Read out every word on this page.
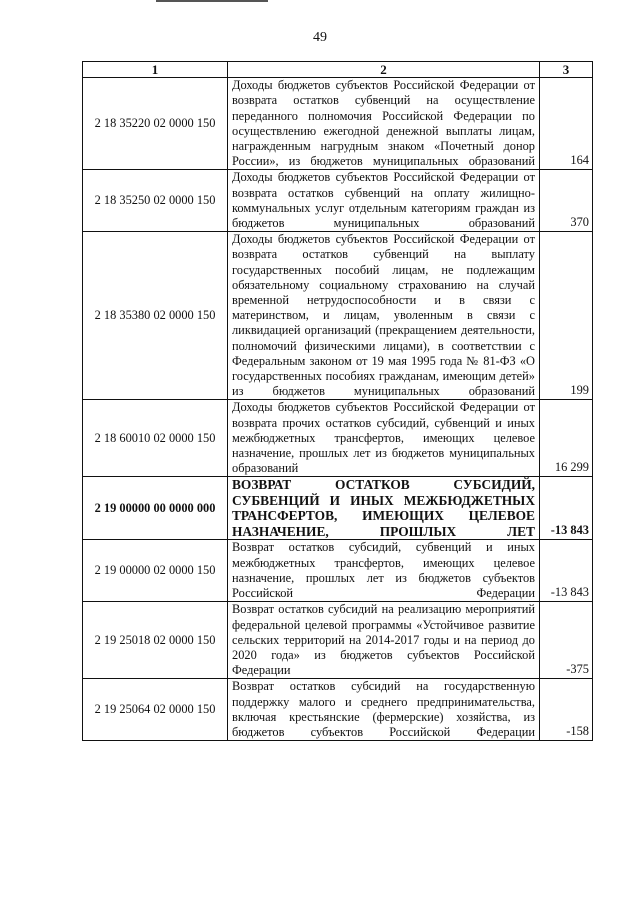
49
1	2	3
2 18 35220 02 0000 150	Доходы бюджетов субъектов Российской Федерации от возврата остатков субвенций на осуществление переданного полномочия Российской Федерации по осуществлению ежегодной денежной выплаты лицам, награжденным нагрудным знаком «Почетный донор России», из бюджетов муниципальных образований	164
2 18 35250 02 0000 150	Доходы бюджетов субъектов Российской Федерации от возврата остатков субвенций на оплату жилищно-коммунальных услуг отдельным категориям граждан из бюджетов муниципальных образований	370
2 18 35380 02 0000 150	Доходы бюджетов субъектов Российской Федерации от возврата остатков субвенций на выплату государственных пособий лицам, не подлежащим обязательному социальному страхованию на случай временной нетрудоспособности и в связи с материнством, и лицам, уволенным в связи с ликвидацией организаций (прекращением деятельности, полномочий физическими лицами), в соответствии с Федеральным законом от 19 мая 1995 года № 81-ФЗ «О государственных пособиях гражданам, имеющим детей» из бюджетов муниципальных образований	199
2 18 60010 02 0000 150	Доходы бюджетов субъектов Российской Федерации от возврата прочих остатков субсидий, субвенций и иных межбюджетных трансфертов, имеющих целевое назначение, прошлых лет из бюджетов муниципальных образований	16 299
2 19 00000 00 0000 000	ВОЗВРАТ ОСТАТКОВ СУБСИДИЙ, СУБВЕНЦИЙ И ИНЫХ МЕЖБЮДЖЕТНЫХ ТРАНСФЕРТОВ, ИМЕЮЩИХ ЦЕЛЕВОЕ НАЗНАЧЕНИЕ, ПРОШЛЫХ ЛЕТ	-13 843
2 19 00000 02 0000 150	Возврат остатков субсидий, субвенций и иных межбюджетных трансфертов, имеющих целевое назначение, прошлых лет из бюджетов субъектов Российской Федерации	-13 843
2 19 25018 02 0000 150	Возврат остатков субсидий на реализацию мероприятий федеральной целевой программы «Устойчивое развитие сельских территорий на 2014-2017 годы и на период до 2020 года» из бюджетов субъектов Российской Федерации	-375
2 19 25064 02 0000 150	Возврат остатков субсидий на государственную поддержку малого и среднего предпринимательства, включая крестьянские (фермерские) хозяйства, из бюджетов субъектов Российской Федерации	-158
